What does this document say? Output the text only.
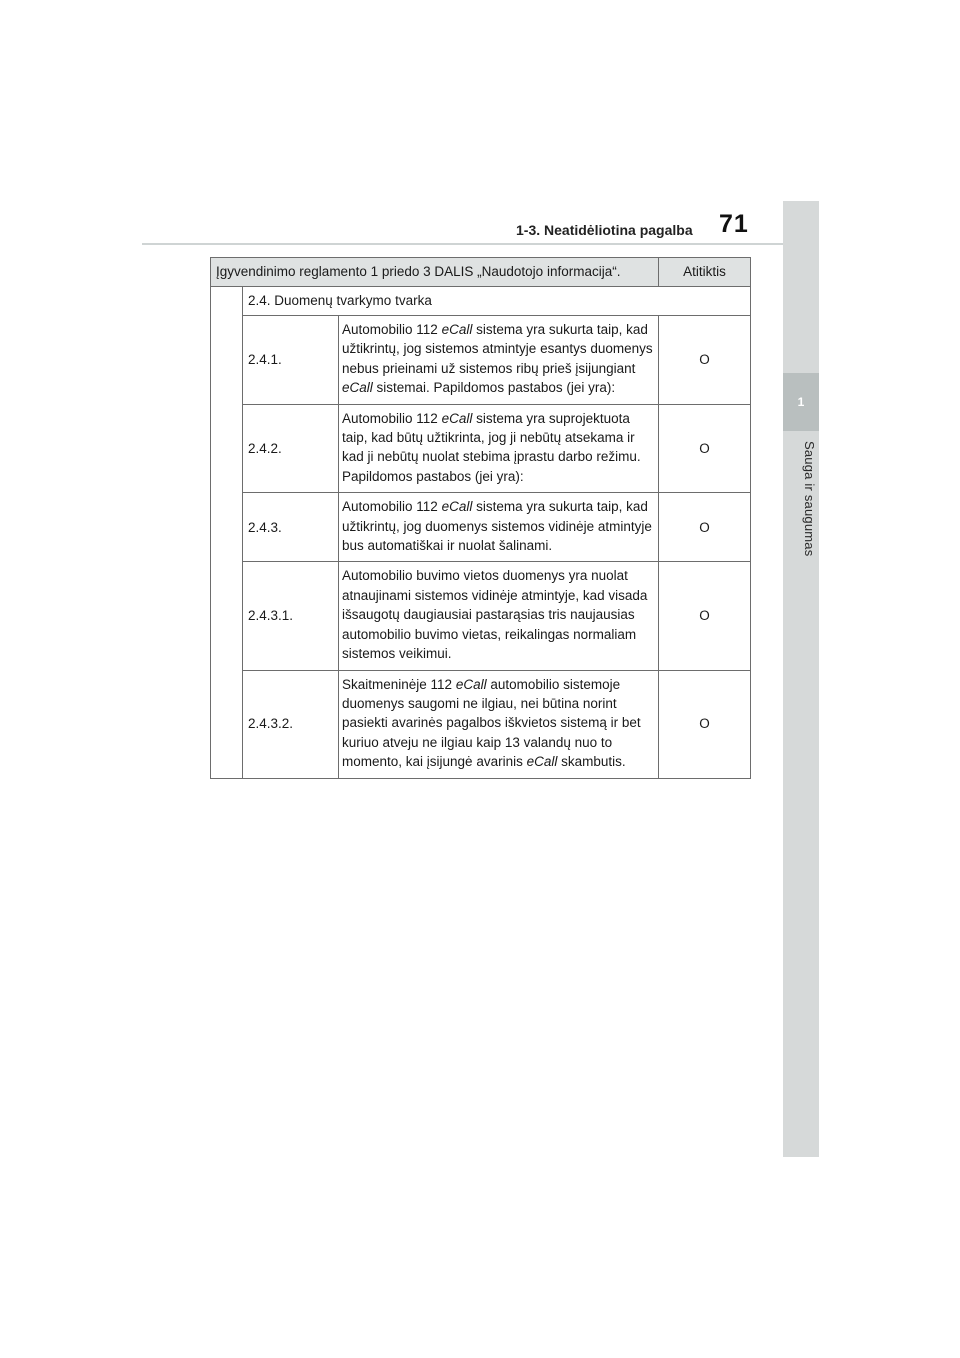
1-3. Neatidėliotina pagalba 71
1
Sauga ir saugumas
Įgyvendinimo reglamento 1 priedo 3 DALIS „Naudotojo informacija“.			Atitiktis
	2.4. Duomenų tvarkymo tvarka		
	2.4.1.	Automobilio 112 eCall sistema yra sukurta taip, kad užtikrintų, jog sistemos atmintyje esantys duomenys nebus prieinami už sistemos ribų prieš įsijungiant eCall sistemai. Papildomos pastabos (jei yra):	O
	2.4.2.	Automobilio 112 eCall sistema yra suprojektuota taip, kad būtų užtikrinta, jog ji nebūtų atsekama ir kad ji nebūtų nuolat stebima įprastu darbo režimu. Papildomos pastabos (jei yra):	O
	2.4.3.	Automobilio 112 eCall sistema yra sukurta taip, kad užtikrintų, jog duomenys sistemos vidinėje atmintyje bus automatiškai ir nuolat šalinami.	O
	2.4.3.1.	Automobilio buvimo vietos duomenys yra nuolat atnaujinami sistemos vidinėje atmintyje, kad visada išsaugotų daugiausiai pastarąsias tris naujausias automobilio buvimo vietas, reikalingas normaliam sistemos veikimui.	O
	2.4.3.2.	Skaitmeninėje 112 eCall automobilio sistemoje duomenys saugomi ne ilgiau, nei būtina norint pasiekti avarinės pagalbos iškvietos sistemą ir bet kuriuo atveju ne ilgiau kaip 13 valandų nuo to momento, kai įsijungė avarinis eCall skambutis.	O
